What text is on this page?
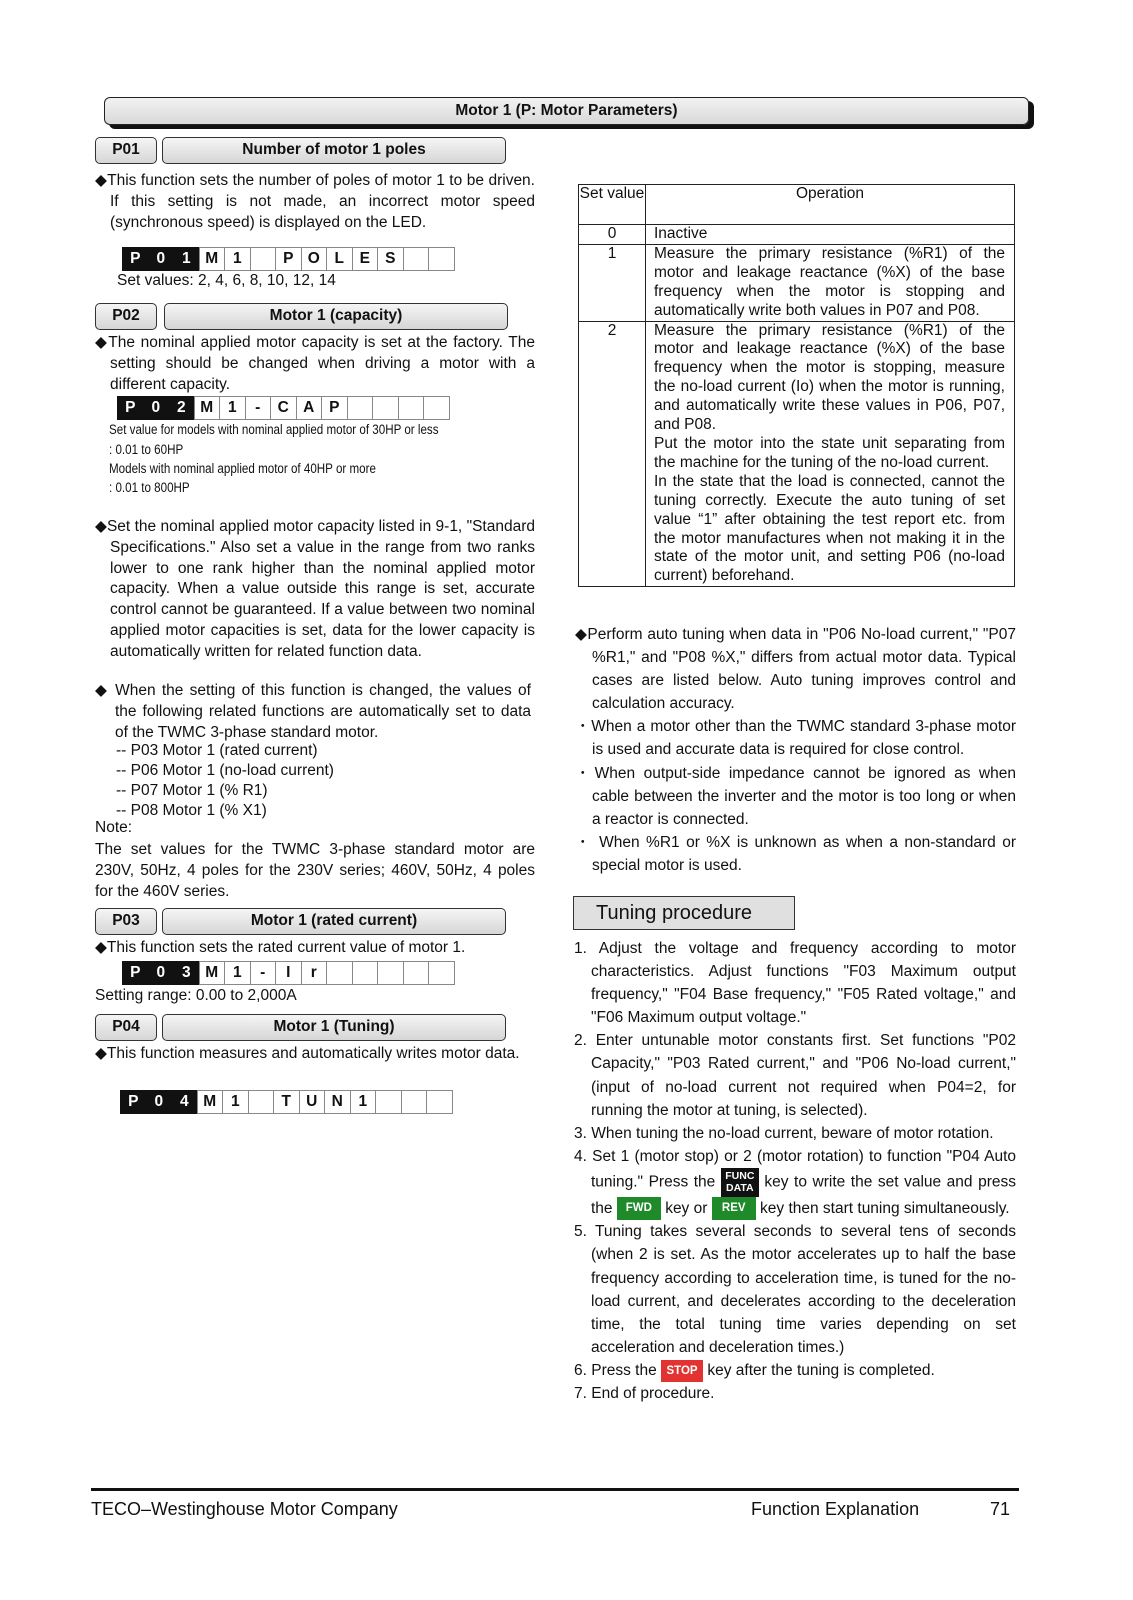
Motor 1 (P: Motor Parameters)
P01	Number of motor 1 poles
◆This function sets the number of poles of motor 1 to be driven. If this setting is not made, an incorrect motor speed (synchronous speed) is displayed on the LED.
P	0	1 M 1	P O L	E S
Set values: 2, 4, 6, 8, 10, 12, 14
P02	Motor 1 (capacity)
◆The nominal applied motor capacity is set at the factory. The setting should be changed when driving a motor with a different capacity.
P	0	2 M 1	-	C A P
Set value for models with nominal applied motor of 30HP or less
: 0.01 to 60HP
Models with nominal applied motor of 40HP or more
: 0.01 to 800HP
◆Set the nominal applied motor capacity listed in 9-1, "Standard Specifications." Also set a value in the range from two ranks lower to one rank higher than the nominal applied motor capacity. When a value outside this range is set, accurate control cannot be guaranteed. If a value between two nominal applied motor capacities is set, data for the lower capacity is automatically written for related function data.
◆ When the setting of this function is changed, the values of the following related functions are automatically set to data of the TWMC 3-phase standard motor.
-- P03 Motor 1 (rated current)
-- P06 Motor 1 (no-load current)
-- P07 Motor 1 (% R1)
-- P08 Motor 1 (% X1)
Note:
The set values for the TWMC 3-phase standard motor are 230V, 50Hz, 4 poles for the 230V series; 460V, 50Hz, 4 poles for the 460V series.
P03	Motor 1 (rated current)
◆This function sets the rated current value of motor 1.
P	0	3 M 1	-	I	r
Setting range: 0.00 to 2,000A
P04	Motor 1 (Tuning)
◆This function measures and automatically writes motor data.
P	0	4 M 1	T U N	1
Set value	Operation
0	Inactive
1	Measure the primary resistance (%R1) of the motor and leakage reactance (%X) of the base frequency when the motor is stopping and automatically write both values in P07 and P08.
2	Measure the primary resistance (%R1) of the motor and leakage reactance (%X) of the base frequency when the motor is stopping, measure the no-load current (Io) when the motor is running, and automatically write these values in P06, P07, and P08.
Put the motor into the state unit separating from the machine for the tuning of the no-load current.
In the state that the load is connected, cannot the tuning correctly. Execute the auto tuning of set value “1” after obtaining the test report etc. from the motor manufactures when not making it in the state of the motor unit, and setting P06 (no-load current) beforehand.
◆Perform auto tuning when data in "P06 No-load current," "P07 %R1," and "P08 %X," differs from actual motor data. Typical cases are listed below. Auto tuning improves control and calculation accuracy.
・When a motor other than the TWMC standard 3-phase motor is used and accurate data is required for close control.
・When output-side impedance cannot be ignored as when cable between the inverter and the motor is too long or when a reactor is connected.
・ When %R1 or %X is unknown as when a non-standard or special motor is used.
Tuning procedure
1. Adjust the voltage and frequency according to motor characteristics. Adjust functions "F03 Maximum output frequency," "F04 Base frequency," "F05 Rated voltage," and "F06 Maximum output voltage."
2. Enter untunable motor constants first. Set functions "P02 Capacity," "P03 Rated current," and "P06 No-load current," (input of no-load current not required when P04=2, for running the motor at tuning, is selected).
3. When tuning the no-load current, beware of motor rotation.
4. Set 1 (motor stop) or 2 (motor rotation) to function "P04 Auto tuning." Press the FUNC
DATA key to write the set value and press the FWD key or REV key then start tuning simultaneously.
5. Tuning takes several seconds to several tens of seconds (when 2 is set. As the motor accelerates up to half the base frequency according to acceleration time, is tuned for the no-load current, and decelerates according to the deceleration time, the total tuning time varies depending on set acceleration and deceleration times.)
6. Press the STOP key after the tuning is completed.
7. End of procedure.
TECO–Westinghouse Motor Company	Function Explanation	71
